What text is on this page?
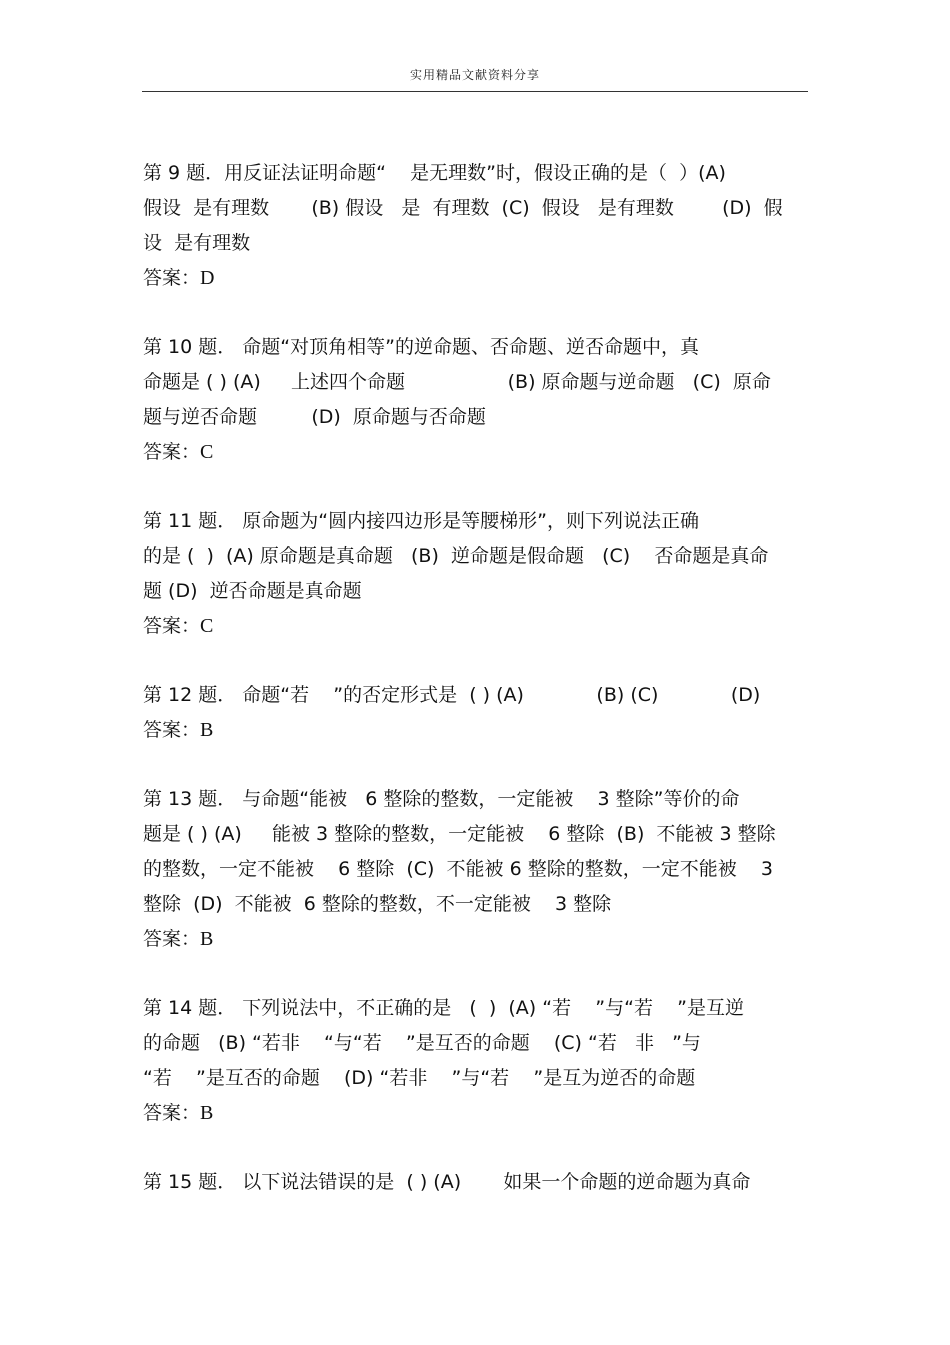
实用精品文献资料分享
第 9 题．用反证法证明命题“    是无理数”时，假设正确的是（  ）(A)
假设  是有理数       (B) 假设   是  有理数  (C)  假设   是有理数        (D)  假
设  是有理数
答案：D
第 10 题． 命题“对顶角相等”的逆命题、否命题、逆否命题中，真
命题是 ( ) (A)     上述四个命题                 (B) 原命题与逆命题   (C)  原命
题与逆否命题         (D)  原命题与否命题
答案：C
第 11 题． 原命题为“圆内接四边形是等腰梯形”，则下列说法正确
的是 (  )  (A) 原命题是真命题   (B)  逆命题是假命题   (C)    否命题是真命
题 (D)  逆否命题是真命题
答案：C
第 12 题． 命题“若    ”的否定形式是  ( ) (A)            (B) (C)            (D)
答案：B
第 13 题． 与命题“能被   6 整除的整数，一定能被    3 整除”等价的命
题是 ( ) (A)     能被 3 整除的整数，一定能被    6 整除  (B)  不能被 3 整除
的整数，一定不能被    6 整除  (C)  不能被 6 整除的整数，一定不能被    3
整除  (D)  不能被  6 整除的整数，不一定能被    3 整除
答案：B
第 14 题． 下列说法中，不正确的是   (  )  (A) “若    ”与“若    ”是互逆
的命题   (B) “若非    “与“若    ”是互否的命题    (C) “若   非   ”与
“若    ”是互否的命题    (D) “若非    ”与“若    ”是互为逆否的命题
答案：B
第 15 题． 以下说法错误的是  ( ) (A)       如果一个命题的逆命题为真命
